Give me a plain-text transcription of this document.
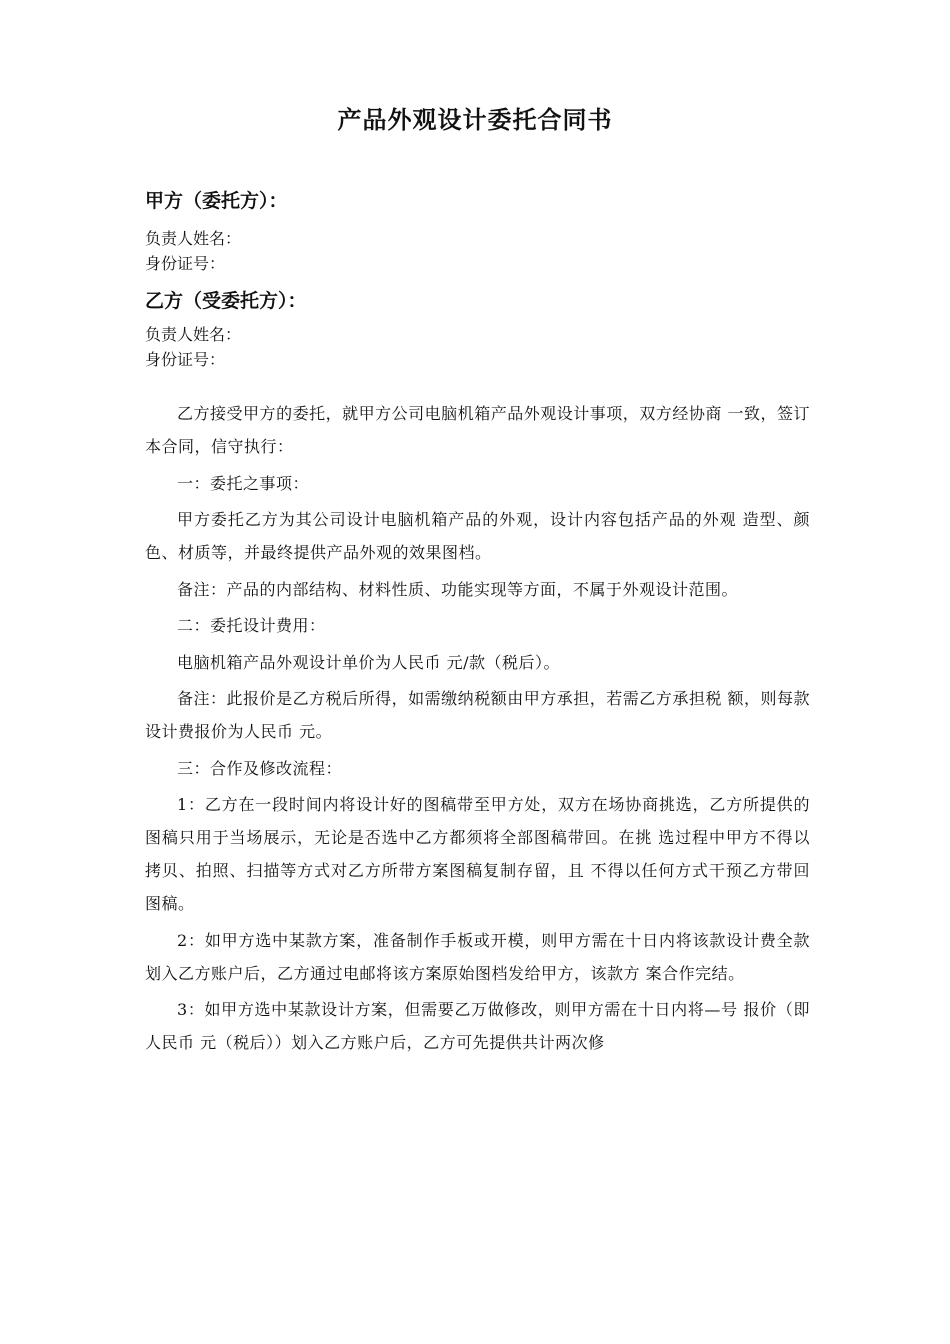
产品外观设计委托合同书
甲方（委托方）：
负责人姓名：
身份证号：
乙方（受委托方）：
负责人姓名：
身份证号：

乙方接受甲方的委托，就甲方公司电脑机箱产品外观设计事项，双方经协商 一致，签订本合同，信守执行：

一：委托之事项：

甲方委托乙方为其公司设计电脑机箱产品的外观，设计内容包括产品的外观 造型、颜色、材质等，并最终提供产品外观的效果图档。

备注：产品的内部结构、材料性质、功能实现等方面，不属于外观设计范围。

二：委托设计费用：

电脑机箱产品外观设计单价为人民币 元/款（税后）。

备注：此报价是乙方税后所得，如需缴纳税额由甲方承担，若需乙方承担税 额，则每款设计费报价为人民币 元。

三：合作及修改流程：

1：乙方在一段时间内将设计好的图稿带至甲方处，双方在场协商挑选，乙方所提供的图稿只用于当场展示，无论是否选中乙方都须将全部图稿带回。在挑 选过程中甲方不得以拷贝、拍照、扫描等方式对乙方所带方案图稿复制存留，且 不得以任何方式干预乙方带回图稿。

2：如甲方选中某款方案，准备制作手板或开模，则甲方需在十日内将该款设计费全款划入乙方账户后，乙方通过电邮将该方案原始图档发给甲方，该款方 案合作完结。

3：如甲方选中某款设计方案，但需要乙万做修改，则甲方需在十日内将—号 报价（即人民币 元（税后））划入乙方账户后，乙方可先提供共计两次修
